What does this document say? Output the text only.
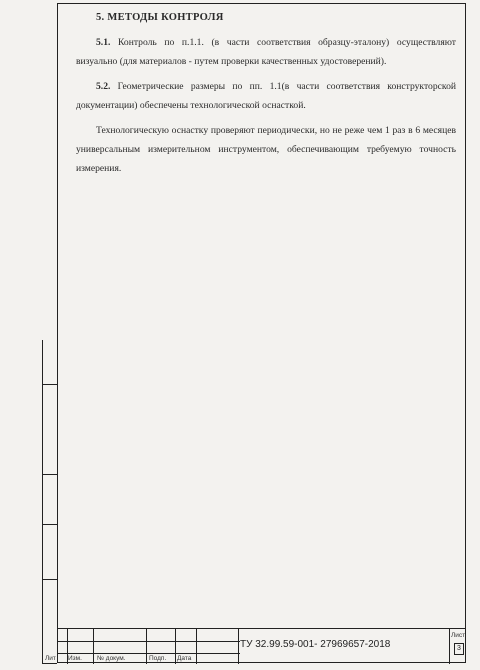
5. МЕТОДЫ КОНТРОЛЯ

5.1. Контроль по п.1.1. (в части соответствия образцу-эталону) осуществляют визуально (для материалов - путем проверки качественных удостоверений).

5.2. Геометрические размеры по пп. 1.1(в части соответствия конструкторской документации) обеспечены технологической оснасткой.

Технологическую оснастку проверяют периодически, но не реже чем 1 раз в 6 месяцев универсальным измерительном инструментом, обеспечивающим требуемую точность измерения.

Лит Изм. № докум.	Подп. Дата
ТУ 32.99.59-001- 27969657-2018
Лист
3
